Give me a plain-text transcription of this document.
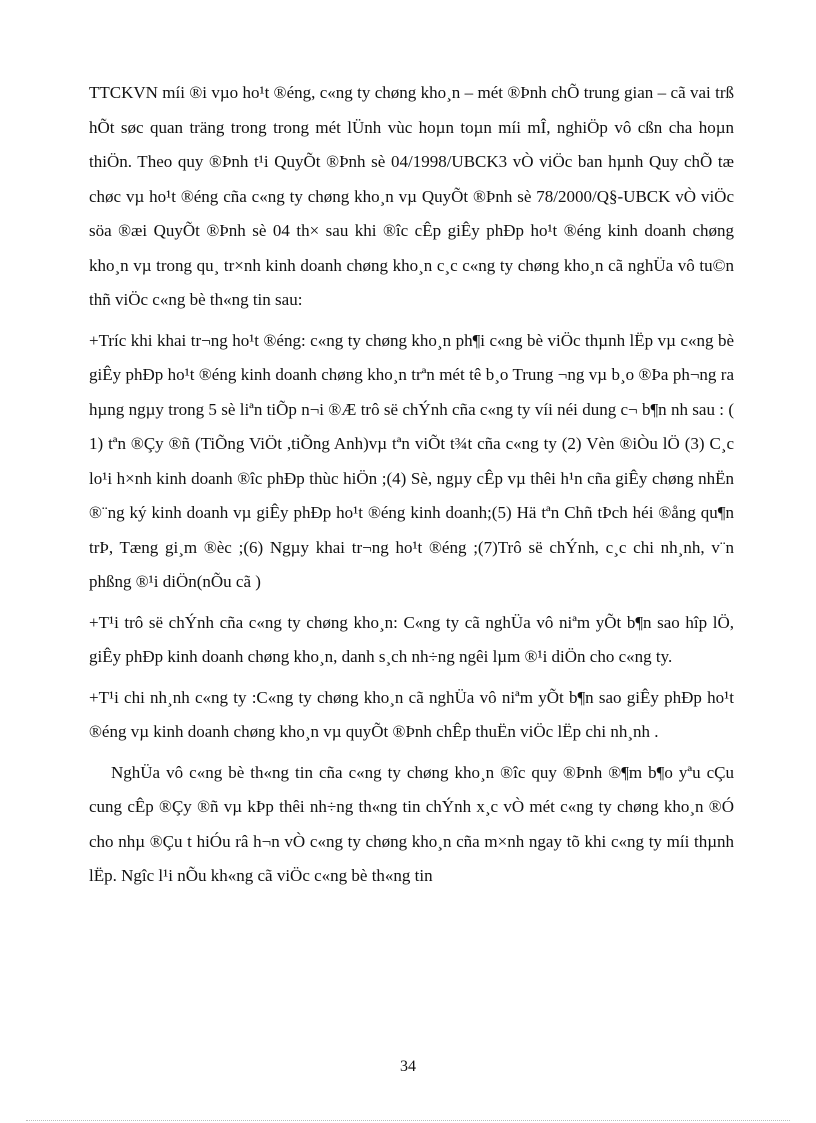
TTCKVN míi ®i vµo ho¹t ®éng, c«ng ty chøng kho¸n – mét ®Þnh chÕ trung gian – cã vai trß hÕt søc quan träng trong trong mét lÜnh vùc hoµn toµn míi mÎ, nghiÖp vô cßn cha hoµn thiÖn. Theo quy ®Þnh t¹i QuyÕt ®Þnh sè 04/1998/UBCK3 vÒ viÖc ban hµnh Quy chÕ tæ chøc vµ ho¹t ®éng cña c«ng ty chøng kho¸n vµ QuyÕt ®Þnh sè 78/2000/Q§-UBCK vÒ viÖc söa ®æi QuyÕt ®Þnh sè 04 th× sau khi ®îc cÊp giÊy phÐp ho¹t ®éng kinh doanh chøng kho¸n vµ trong qu¸ tr×nh kinh doanh chøng kho¸n c¸c c«ng ty chøng kho¸n cã nghÜa vô tu©n thñ viÖc c«ng bè th«ng tin sau:

+Tríc khi khai tr¬ng ho¹t ®éng: c«ng ty chøng kho¸n ph¶i c«ng bè viÖc thµnh lËp vµ c«ng bè giÊy phÐp ho¹t ®éng kinh doanh chøng kho¸n trªn mét tê b¸o Trung ¬ng vµ b¸o ®Þa ph¬ng ra hµng ngµy trong 5 sè liªn tiÕp n¬i ®Æ trô së chÝnh cña c«ng ty víi néi dung c¬ b¶n nh sau : ( 1) tªn ®Çy ®ñ (TiÕng ViÖt ,tiÕng Anh)vµ tªn viÕt t¾t cña c«ng ty (2) Vèn ®iÒu lÖ (3) C¸c lo¹i h×nh kinh doanh ®îc phÐp thùc hiÖn ;(4) Sè, ngµy cÊp vµ thêi h¹n cña giÊy chøng nhËn ®¨ng ký kinh doanh vµ giÊy phÐp ho¹t ®éng kinh doanh;(5) Hä tªn Chñ tÞch héi ®ång qu¶n trÞ, Tæng gi¸m ®èc ;(6) Ngµy khai tr¬ng ho¹t ®éng ;(7)Trô së chÝnh, c¸c chi nh¸nh, v¨n phßng ®¹i diÖn(nÕu cã )

+T¹i trô së chÝnh cña c«ng ty chøng kho¸n: C«ng ty cã nghÜa vô niªm yÕt b¶n sao hîp lÖ, giÊy phÐp kinh doanh chøng kho¸n, danh s¸ch nh÷ng ngêi lµm ®¹i diÖn cho c«ng ty.

+T¹i chi nh¸nh c«ng ty :C«ng ty chøng kho¸n cã nghÜa vô niªm yÕt b¶n sao giÊy phÐp ho¹t ®éng vµ kinh doanh chøng kho¸n vµ quyÕt ®Þnh chÊp thuËn viÖc lËp chi nh¸nh .

NghÜa vô c«ng bè th«ng tin cña c«ng ty chøng kho¸n ®îc quy ®Þnh ®¶m b¶o yªu cÇu cung cÊp ®Çy ®ñ vµ kÞp thêi nh÷ng th«ng tin chÝnh x¸c vÒ mét c«ng ty chøng kho¸n ®Ó cho nhµ ®Çu t hiÓu râ h¬n vÒ c«ng ty chøng kho¸n cña m×nh ngay tõ khi c«ng ty míi thµnh lËp. Ngîc l¹i nÕu kh«ng cã viÖc c«ng bè th«ng tin

34
